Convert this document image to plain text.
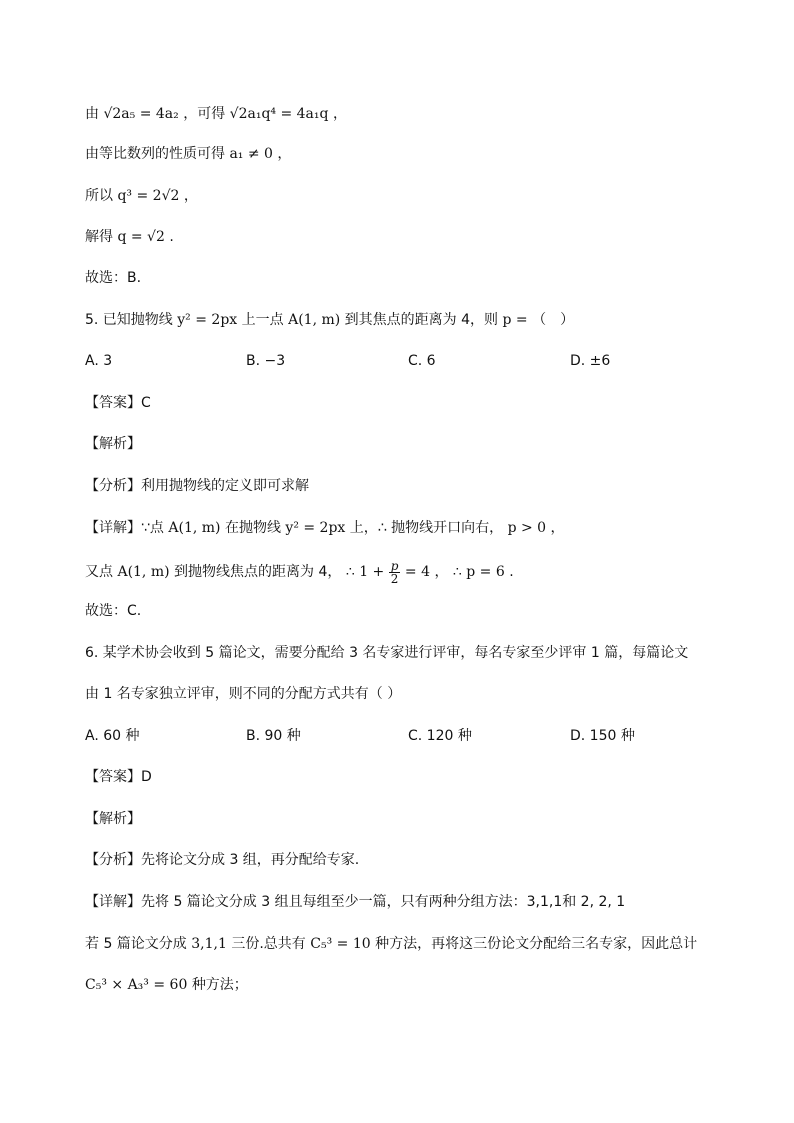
由 √2a₅ = 4a₂ ，可得 √2a₁q⁴ = 4a₁q ，
由等比数列的性质可得 a₁ ≠ 0 ，
所以 q³ = 2√2 ，
解得 q = √2 .
故选：B.
5. 已知抛物线 y² = 2px 上一点 A(1, m) 到其焦点的距离为 4，则 p = （　）
A. 3	B. −3	C. 6	D. ±6
【答案】C
【解析】
【分析】利用抛物线的定义即可求解
【详解】∵点 A(1, m) 在抛物线 y² = 2px 上，∴ 抛物线开口向右， p > 0 ，
又点 A(1, m) 到抛物线焦点的距离为 4， ∴ $1 + \frac{p}{2} = 4$ ， ∴ p = 6 .
故选：C.
6. 某学术协会收到 5 篇论文，需要分配给 3 名专家进行评审，每名专家至少评审 1 篇，每篇论文
由 1 名专家独立评审，则不同的分配方式共有（ ）
A. 60 种	B. 90 种	C. 120 种	D. 150 种
【答案】D
【解析】
【分析】先将论文分成 3 组，再分配给专家.
【详解】先将 5 篇论文分成 3 组且每组至少一篇，只有两种分组方法：3,1,1和 2, 2, 1
若 5 篇论文分成 3,1,1 三份.总共有 C₅³ = 10 种方法，再将这三份论文分配给三名专家，因此总计
C₅³ × A₃³ = 60 种方法；
